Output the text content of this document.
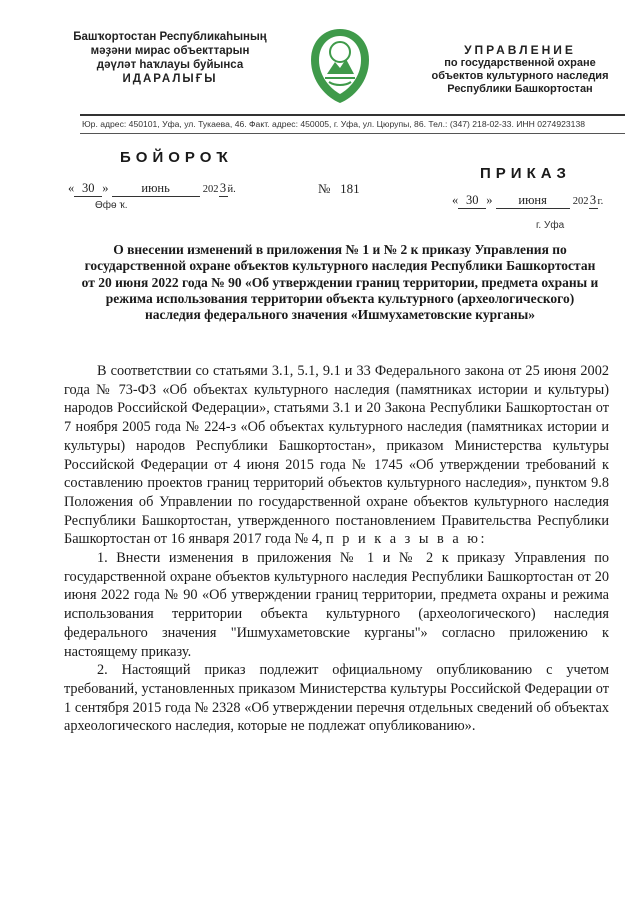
Башҡортостан Республикаһының
мәҙәни мирас объекттарын
дәүләт һаҡлауы буйынса
ИДАРАЛЫҒЫ
УПРАВЛЕНИЕ
по государственной охране
объектов культурного наследия
Республики Башкортостан
Юр. адрес: 450101, Уфа, ул. Тукаева, 46. Факт. адрес: 450005, г. Уфа, ул. Цюрупы, 86. Тел.: (347) 218-02-33. ИНН 0274923138
БОЙОРОҠ
ПРИКАЗ
« 30 »	июнь	2023й.	№ 181
« 30 » июня 2023г.
Өфө ҡ.
г. Уфа
О внесении изменений в приложения № 1 и № 2 к приказу Управления по государственной охране объектов культурного наследия Республики Башкортостан от 20 июня 2022 года № 90 «Об утверждении границ территории, предмета охраны и режима использования территории объекта культурного (археологического) наследия федерального значения «Ишмухаметовские курганы»

В соответствии со статьями 3.1, 5.1, 9.1 и 33 Федерального закона от 25 июня 2002 года № 73-ФЗ «Об объектах культурного наследия (памятниках истории и культуры) народов Российской Федерации», статьями 3.1 и 20 Закона Республики Башкортостан от 7 ноября 2005 года № 224-з «Об объектах культурного наследия (памятниках истории и культуры) народов Республики Башкортостан», приказом Министерства культуры Российской Федерации от 4 июня 2015 года № 1745 «Об утверждении требований к составлению проектов границ территорий объектов культурного наследия», пунктом 9.8 Положения об Управлении по государственной охране объектов культурного наследия Республики Башкортостан, утвержденного постановлением Правительства Республики Башкортостан от 16 января 2017 года № 4, п р и к а з ы в а ю:

1. Внести изменения в приложения № 1 и № 2 к приказу Управления по государственной охране объектов культурного наследия Республики Башкортостан от 20 июня 2022 года № 90 «Об утверждении границ территории, предмета охраны и режима использования территории объекта культурного (археологического) наследия федерального значения "Ишмухаметовские курганы"» согласно приложению к настоящему приказу.

2. Настоящий приказ подлежит официальному опубликованию с учетом требований, установленных приказом Министерства культуры Российской Федерации от 1 сентября 2015 года № 2328 «Об утверждении перечня отдельных сведений об объектах археологического наследия, которые не подлежат опубликованию».
